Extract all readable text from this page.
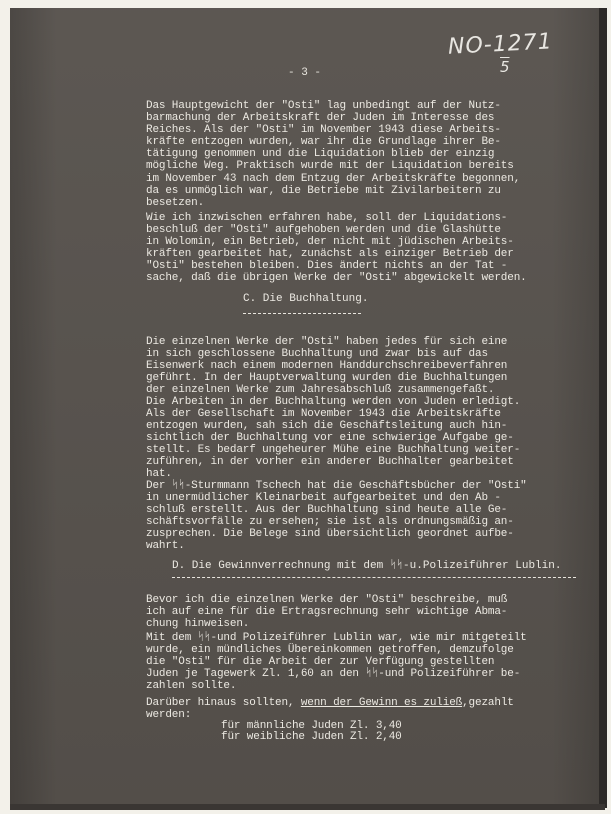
NO-1271
5
- 3 -
Das Hauptgewicht der "Osti" lag unbedingt auf der Nutz-
barmachung der Arbeitskraft der Juden im Interesse des
Reiches. Als der "Osti" im November 1943 diese Arbeits-
kräfte entzogen wurden, war ihr die Grundlage ihrer Be-
tätigung genommen und die Liquidation blieb der einzig
mögliche Weg. Praktisch wurde mit der Liquidation bereits
im November 43 nach dem Entzug der Arbeitskräfte begonnen,
da es unmöglich war, die Betriebe mit Zivilarbeitern zu
besetzen.
Wie ich inzwischen erfahren habe, soll der Liquidations-
beschluß der "Osti" aufgehoben werden und die Glashütte
in Wolomin, ein Betrieb, der nicht mit jüdischen Arbeits-
kräften gearbeitet hat, zunächst als einziger Betrieb der
"Osti" bestehen bleiben. Dies ändert nichts an der Tat -
sache, daß die übrigen Werke der "Osti" abgewickelt werden.
C. Die Buchhaltung.
Die einzelnen Werke der "Osti" haben jedes für sich eine
in sich geschlossene Buchhaltung und zwar bis auf das
Eisenwerk nach einem modernen Handdurchschreibeverfahren
geführt. In der Hauptverwaltung wurden die Buchhaltungen
der einzelnen Werke zum Jahresabschluß zusammengefaßt.
Die Arbeiten in der Buchhaltung werden von Juden erledigt.
Als der Gesellschaft im November 1943 die Arbeitskräfte
entzogen wurden, sah sich die Geschäftsleitung auch hin-
sichtlich der Buchhaltung vor eine schwierige Aufgabe ge-
stellt. Es bedarf ungeheurer Mühe eine Buchhaltung weiter-
zuführen, in der vorher ein anderer Buchhalter gearbeitet
hat.
Der ᛋᛋ-Sturmmann Tschech hat die Geschäftsbücher der "Osti"
in unermüdlicher Kleinarbeit aufgearbeitet und den Ab -
schluß erstellt. Aus der Buchhaltung sind heute alle Ge-
schäftsvorfälle zu ersehen; sie ist als ordnungsmäßig an-
zusprechen. Die Belege sind übersichtlich geordnet aufbe-
wahrt.
D. Die Gewinnverrechnung mit dem ᛋᛋ-u.Polizeiführer Lublin.
Bevor ich die einzelnen Werke der "Osti" beschreibe, muß
ich auf eine für die Ertragsrechnung sehr wichtige Abma-
chung hinweisen.
Mit dem ᛋᛋ-und Polizeiführer Lublin war, wie mir mitgeteilt
wurde, ein mündliches Übereinkommen getroffen, demzufolge
die "Osti" für die Arbeit der zur Verfügung gestellten
Juden je Tagewerk Zl. 1,60 an den ᛋᛋ-und Polizeiführer be-
zahlen sollte.
Darüber hinaus sollten, wenn der Gewinn es zuließ,gezahlt
werden:
für männliche Juden Zl. 3,40
für weibliche Juden Zl. 2,40
